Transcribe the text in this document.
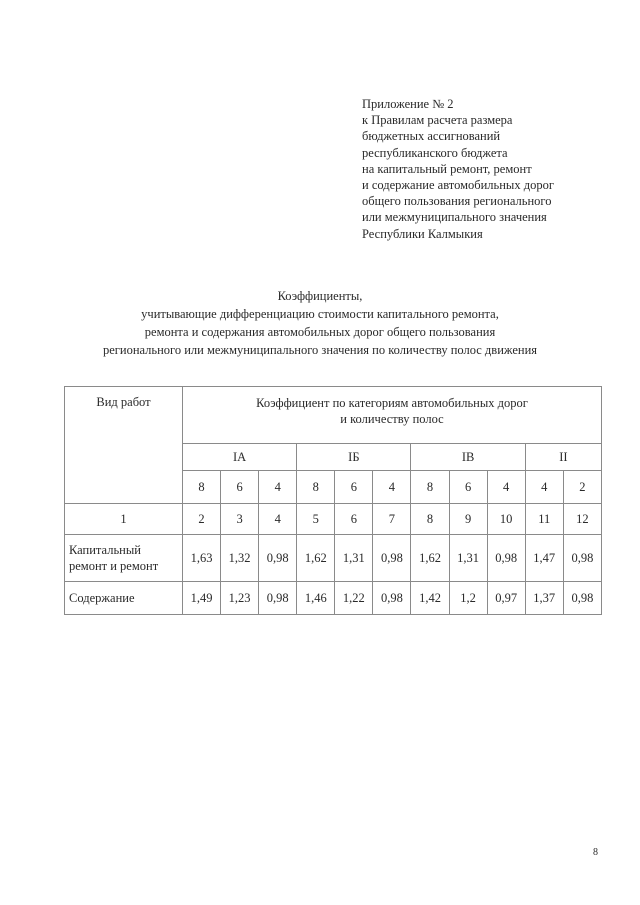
Приложение № 2
к Правилам расчета размера
бюджетных ассигнований
республиканского бюджета
на капитальный ремонт, ремонт
и содержание автомобильных дорог
общего пользования регионального
или межмуниципального значения
Республики Калмыкия
Коэффициенты,
учитывающие дифференциацию стоимости капитального ремонта,
ремонта и содержания автомобильных дорог общего пользования
регионального или межмуниципального значения по количеству полос движения
Вид работ	Коэффициент по категориям автомобильных дорог
и количеству полос										
	IА			IБ			IВ			II	
	8	6	4	8	6	4	8	6	4	4	2
1	2	3	4	5	6	7	8	9	10	11	12
Капитальный
ремонт и ремонт	1,63	1,32	0,98	1,62	1,31	0,98	1,62	1,31	0,98	1,47	0,98
Содержание	1,49	1,23	0,98	1,46	1,22	0,98	1,42	1,2	0,97	1,37	0,98
8
